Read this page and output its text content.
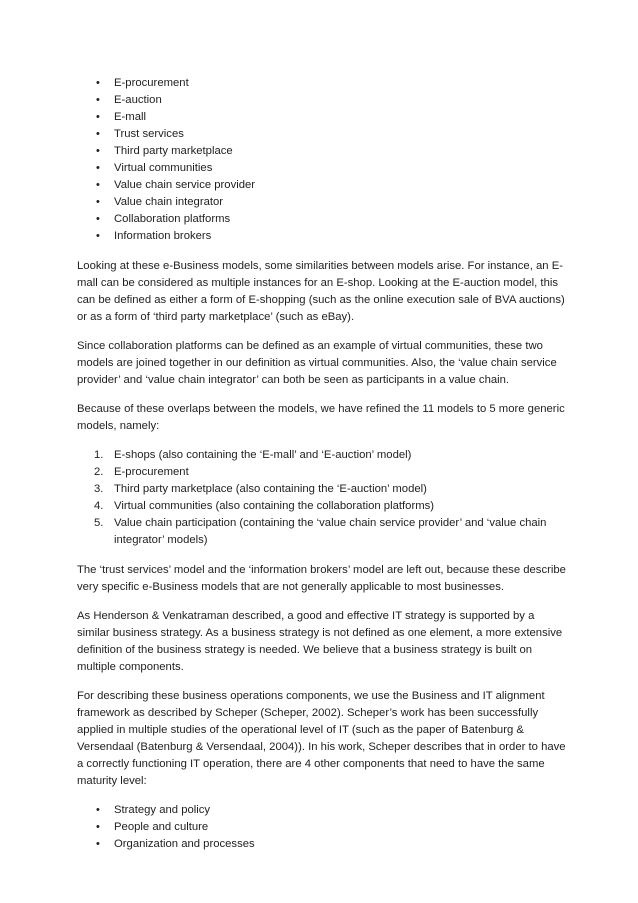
• E-procurement
• E-auction
• E-mall
• Trust services
• Third party marketplace
• Virtual communities
• Value chain service provider
• Value chain integrator
• Collaboration platforms
• Information brokers

Looking at these e-Business models, some similarities between models arise. For instance, an E-mall can be considered as multiple instances for an E-shop. Looking at the E-auction model, this can be defined as either a form of E-shopping (such as the online execution sale of BVA auctions) or as a form of ‘third party marketplace’ (such as eBay).

Since collaboration platforms can be defined as an example of virtual communities, these two models are joined together in our definition as virtual communities. Also, the ‘value chain service provider’ and ‘value chain integrator’ can both be seen as participants in a value chain.

Because of these overlaps between the models, we have refined the 11 models to 5 more generic models, namely:

1. E-shops (also containing the ‘E-mall’ and ‘E-auction’ model)
2. E-procurement
3. Third party marketplace (also containing the ‘E-auction’ model)
4. Virtual communities (also containing the collaboration platforms)
5. Value chain participation (containing the ‘value chain service provider’ and ‘value chain integrator’ models)

The ‘trust services’ model and the ‘information brokers’ model are left out, because these describe very specific e-Business models that are not generally applicable to most businesses.

As Henderson & Venkatraman described, a good and effective IT strategy is supported by a similar business strategy. As a business strategy is not defined as one element, a more extensive definition of the business strategy is needed. We believe that a business strategy is built on multiple components.

For describing these business operations components, we use the Business and IT alignment framework as described by Scheper (Scheper, 2002). Scheper’s work has been successfully applied in multiple studies of the operational level of IT (such as the paper of Batenburg & Versendaal (Batenburg & Versendaal, 2004)). In his work, Scheper describes that in order to have a correctly functioning IT operation, there are 4 other components that need to have the same maturity level:

• Strategy and policy
• People and culture
• Organization and processes
